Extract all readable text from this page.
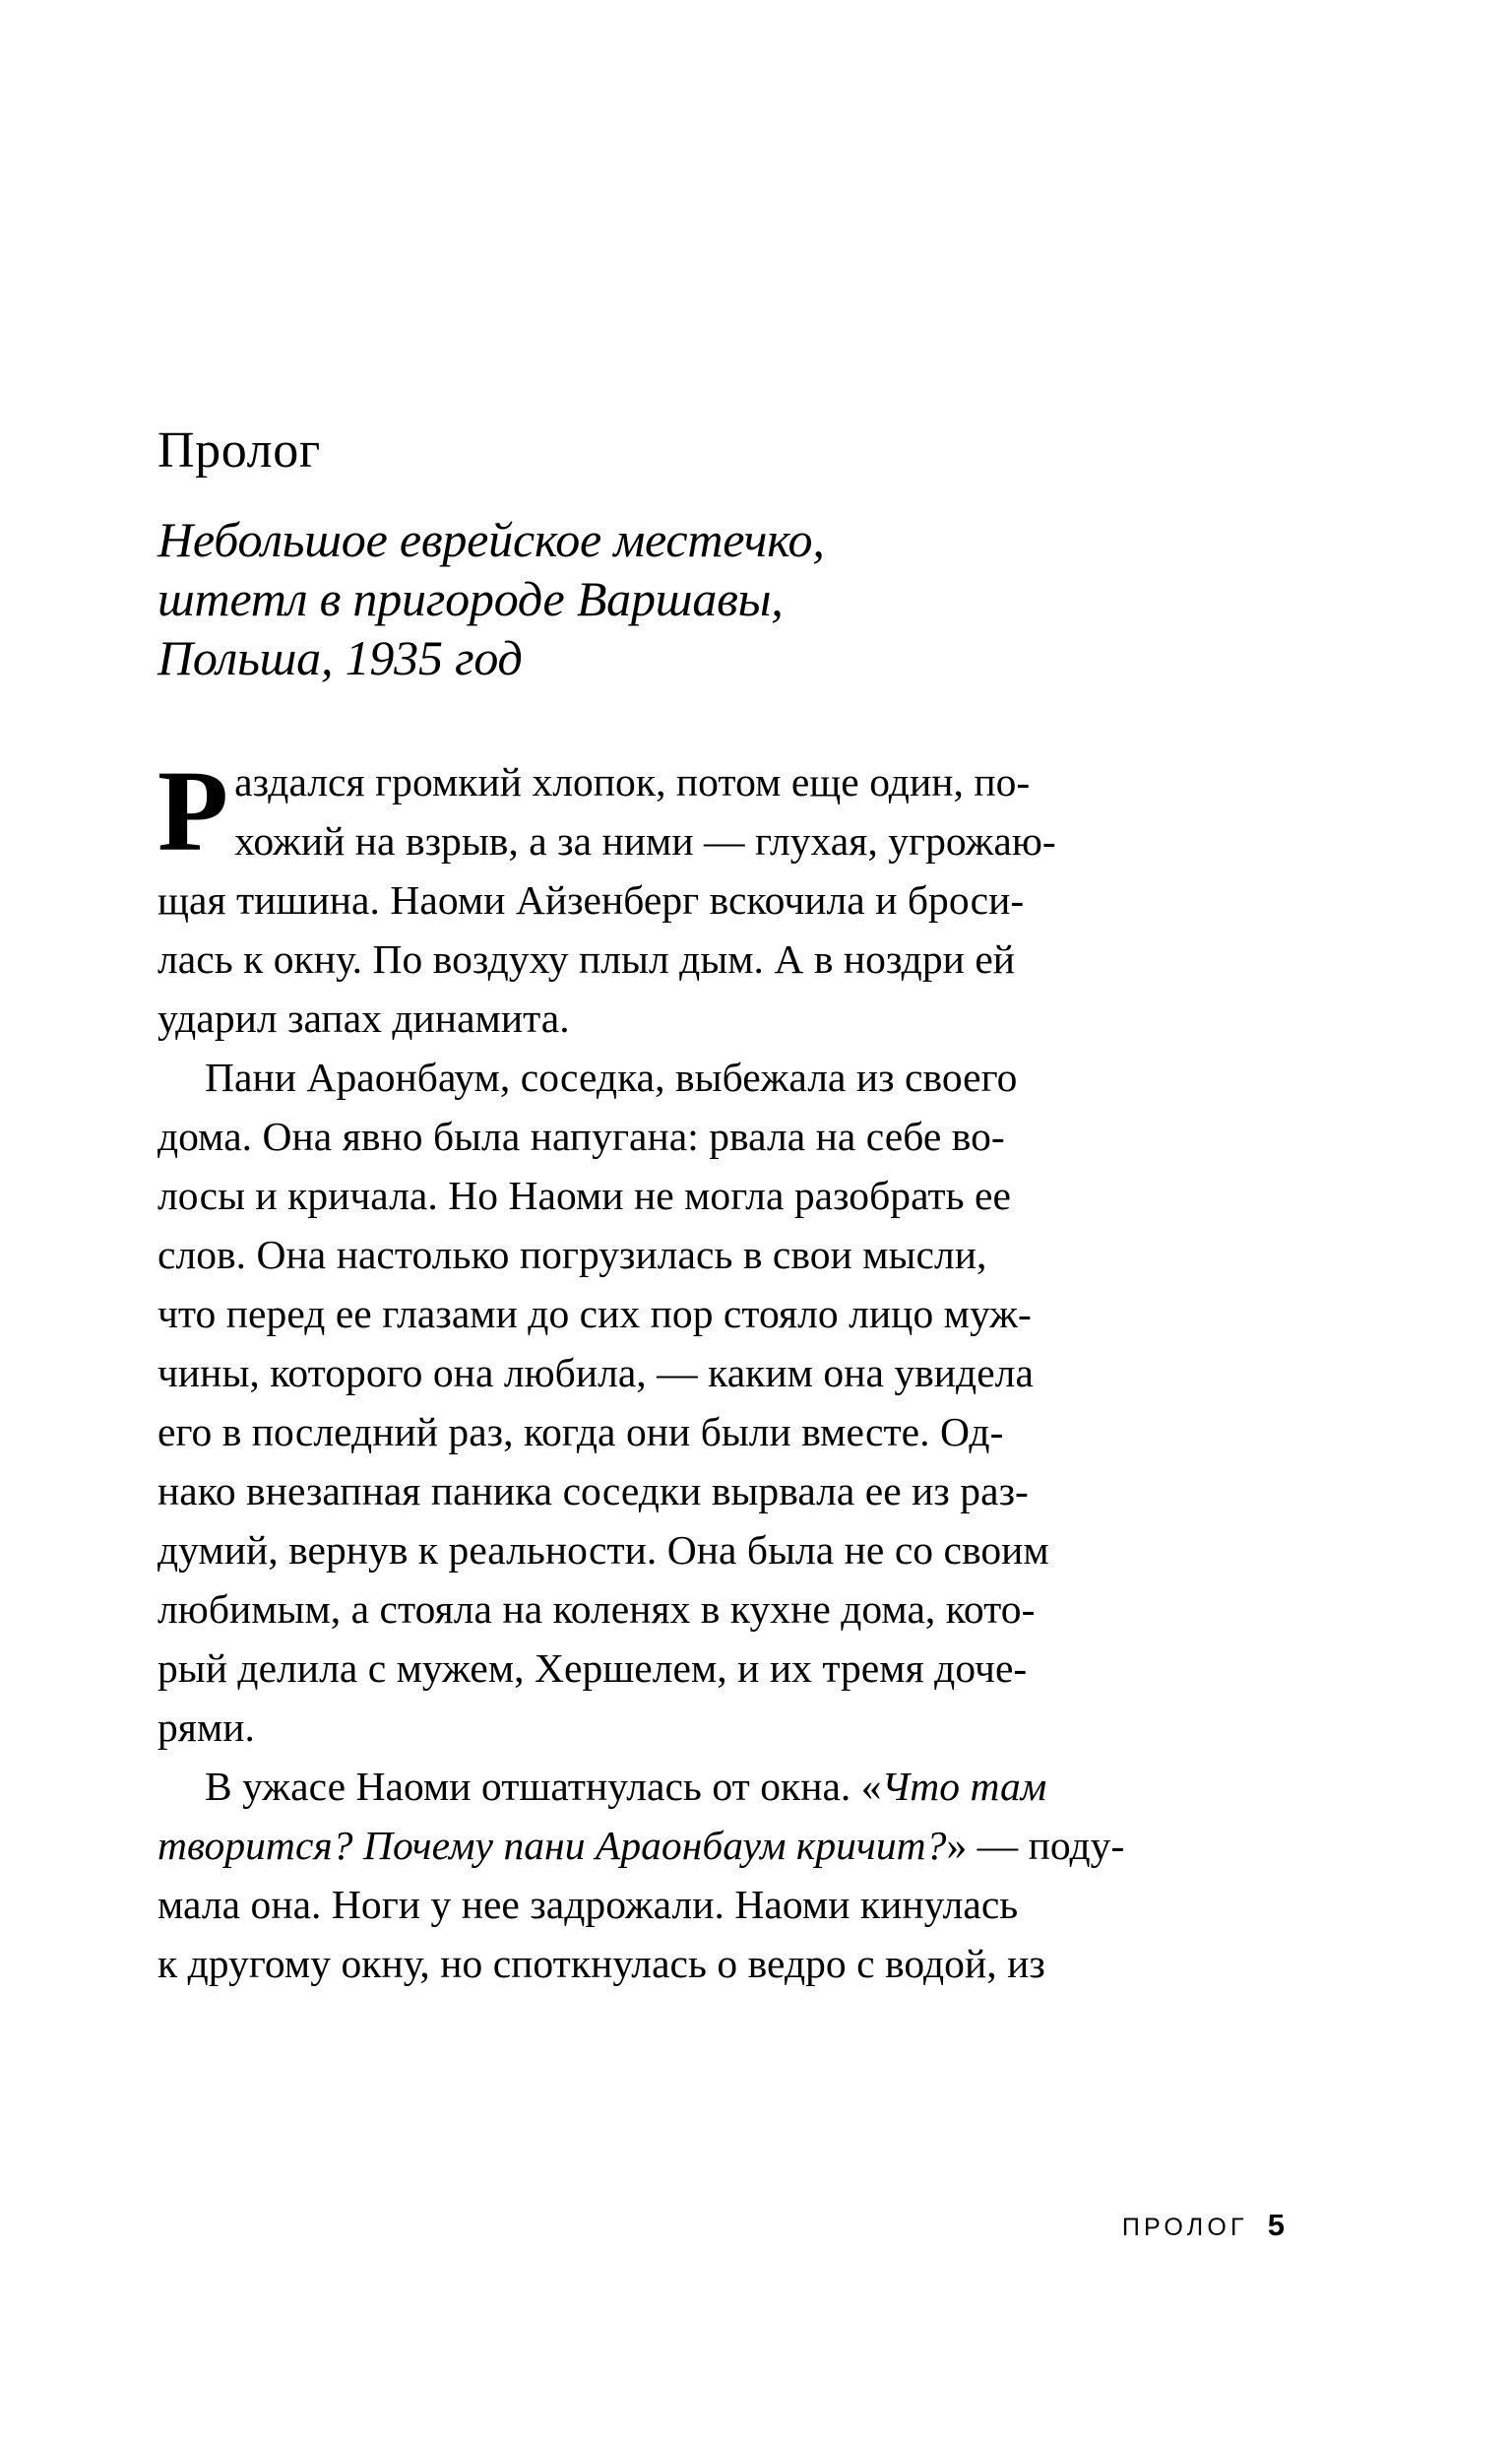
Пролог
Небольшое еврейское местечко,
штетл в пригороде Варшавы,
Польша, 1935 год

Р аздался громкий хлопок, потом еще один, по-
хожий на взрыв, а за ними — глухая, угрожаю-
щая тишина. Наоми Айзенберг вскочила и броси-
лась к окну. По воздуху плыл дым. А в ноздри ей
ударил запах динамита.

Пани Араонбаум, соседка, выбежала из своего
дома. Она явно была напугана: рвала на себе во-
лосы и кричала. Но Наоми не могла разобрать ее
слов. Она настолько погрузилась в свои мысли,
что перед ее глазами до сих пор стояло лицо муж-
чины, которого она любила, — каким она увидела
его в последний раз, когда они были вместе. Од-
нако внезапная паника соседки вырвала ее из раз-
думий, вернув к реальности. Она была не со своим
любимым, а стояла на коленях в кухне дома, кото-
рый делила с мужем, Хершелем, и их тремя доче-
рями.

В ужасе Наоми отшатнулась от окна. «Что там
творится? Почему пани Араонбаум кричит?» — поду-
мала она. Ноги у нее задрожали. Наоми кинулась
к другому окну, но споткнулась о ведро с водой, из

ПРОЛОГ 5
